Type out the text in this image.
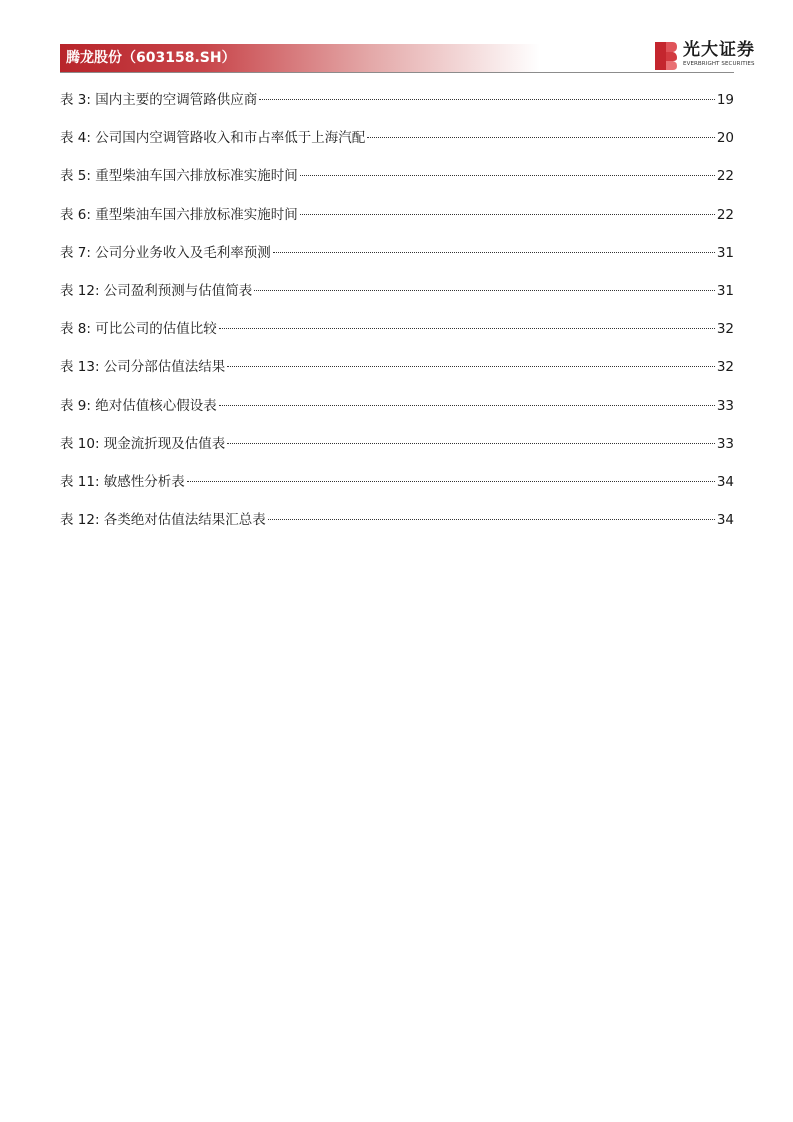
腾龙股份（603158.SH）	光大证券
EVERBRIGHT SECURITIES
表 3: 国内主要的空调管路供应商	19
表 4: 公司国内空调管路收入和市占率低于上海汽配	20
表 5: 重型柴油车国六排放标准实施时间	22
表 6: 重型柴油车国六排放标准实施时间	22
表 7: 公司分业务收入及毛利率预测	31
表 12: 公司盈利预测与估值简表	31
表 8: 可比公司的估值比较	32
表 13: 公司分部估值法结果	32
表 9: 绝对估值核心假设表	33
表 10: 现金流折现及估值表	33
表 11: 敏感性分析表	34
表 12: 各类绝对估值法结果汇总表	34
